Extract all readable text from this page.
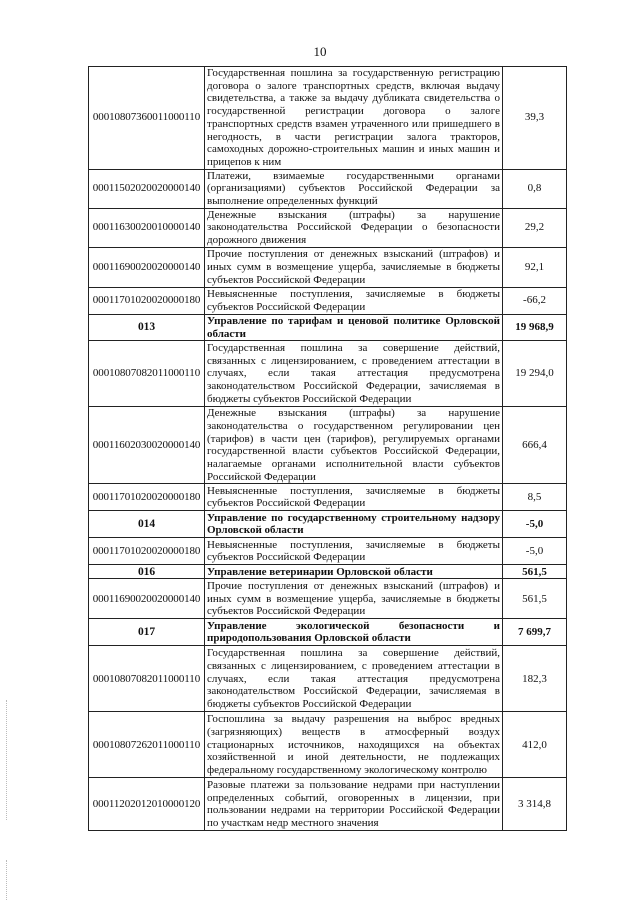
10
00010807360011000110	Государственная пошлина за государственную регистрацию договора о залоге транспортных средств, включая выдачу свидетельства, а также за выдачу дубликата свидетельства о государственной регистрации договора о залоге транспортных средств взамен утраченного или пришедшего в негодность, в части регистрации залога тракторов, самоходных дорожно-строительных машин и иных машин и прицепов к ним	39,3
00011502020020000140	Платежи, взимаемые государственными органами (организациями) субъектов Российской Федерации за выполнение определенных функций	0,8
00011630020010000140	Денежные взыскания (штрафы) за нарушение законодательства Российской Федерации о безопасности дорожного движения	29,2
00011690020020000140	Прочие поступления от денежных взысканий (штрафов) и иных сумм в возмещение ущерба, зачисляемые в бюджеты субъектов Российской Федерации	92,1
00011701020020000180	Невыясненные поступления, зачисляемые в бюджеты субъектов Российской Федерации	-66,2
013	Управление по тарифам и ценовой политике Орловской области	19 968,9
00010807082011000110	Государственная пошлина за совершение действий, связанных с лицензированием, с проведением аттестации в случаях, если такая аттестация предусмотрена законодательством Российской Федерации, зачисляемая в бюджеты субъектов Российской Федерации	19 294,0
00011602030020000140	Денежные взыскания (штрафы) за нарушение законодательства о государственном регулировании цен (тарифов) в части цен (тарифов), регулируемых органами государственной власти субъектов Российской Федерации, налагаемые органами исполнительной власти субъектов Российской Федерации	666,4
00011701020020000180	Невыясненные поступления, зачисляемые в бюджеты субъектов Российской Федерации	8,5
014	Управление по государственному строительному надзору Орловской области	-5,0
00011701020020000180	Невыясненные поступления, зачисляемые в бюджеты субъектов Российской Федерации	-5,0
016	Управление ветеринарии Орловской области	561,5
00011690020020000140	Прочие поступления от денежных взысканий (штрафов) и иных сумм в возмещение ущерба, зачисляемые в бюджеты субъектов Российской Федерации	561,5
017	Управление экологической безопасности и природопользования Орловской области	7 699,7
00010807082011000110	Государственная пошлина за совершение действий, связанных с лицензированием, с проведением аттестации в случаях, если такая аттестация предусмотрена законодательством Российской Федерации, зачисляемая в бюджеты субъектов Российской Федерации	182,3
00010807262011000110	Госпошлина за выдачу разрешения на выброс вредных (загрязняющих) веществ в атмосферный воздух стационарных источников, находящихся на объектах хозяйственной и иной деятельности, не подлежащих федеральному государственному экологическому контролю	412,0
00011202012010000120	Разовые платежи за пользование недрами при наступлении определенных событий, оговоренных в лицензии, при пользовании недрами на территории Российской Федерации по участкам недр местного значения	3 314,8
